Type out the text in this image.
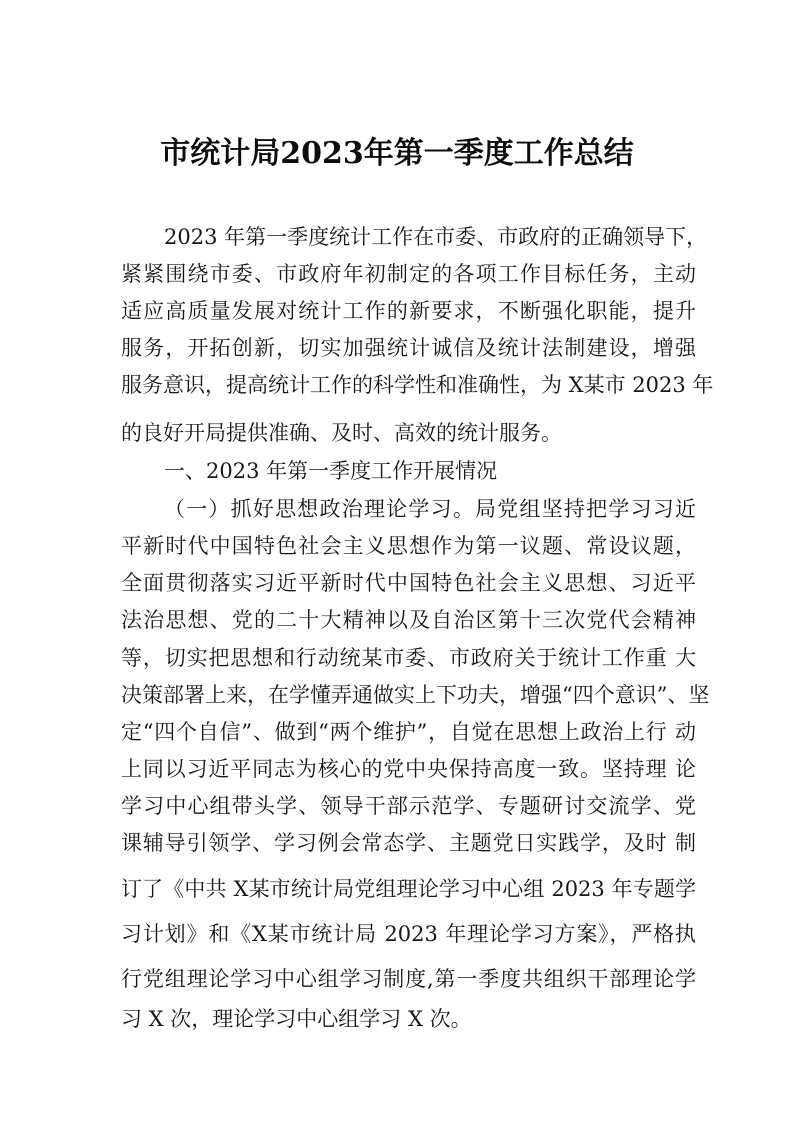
市统计局2023年第一季度工作总结
2023 年第一季度统计工作在市委、市政府的正确领导下，
紧紧围绕市委、市政府年初制定的各项工作目标任务，主动
适应高质量发展对统计工作的新要求，不断强化职能，提升
服务，开拓创新，切实加强统计诚信及统计法制建设，增强
服务意识，提高统计工作的科学性和准确性，为 X某市 2023 年
的良好开局提供准确、及时、高效的统计服务。
一、2023 年第一季度工作开展情况
（一）抓好思想政治理论学习。局党组坚持把学习习近
平新时代中国特色社会主义思想作为第一议题、常设议题，
全面贯彻落实习近平新时代中国特色社会主义思想、习近平
法治思想、党的二十大精神以及自治区第十三次党代会精神
等，切实把思想和行动统某市委、市政府关于统计工作重 大
决策部署上来，在学懂弄通做实上下功夫，增强“四个意识”、坚
定“四个自信”、做到“两个维护”，自觉在思想上政治上行 动
上同以习近平同志为核心的党中央保持高度一致。坚持理 论
学习中心组带头学、领导干部示范学、专题研讨交流学、党
课辅导引领学、学习例会常态学、主题党日实践学，及时 制
订了《中共 X某市统计局党组理论学习中心组 2023 年专题学
习计划》和《X某市统计局 2023 年理论学习方案》，严格执
行党组理论学习中心组学习制度,第一季度共组织干部理论学
习 X 次，理论学习中心组学习 X 次。
